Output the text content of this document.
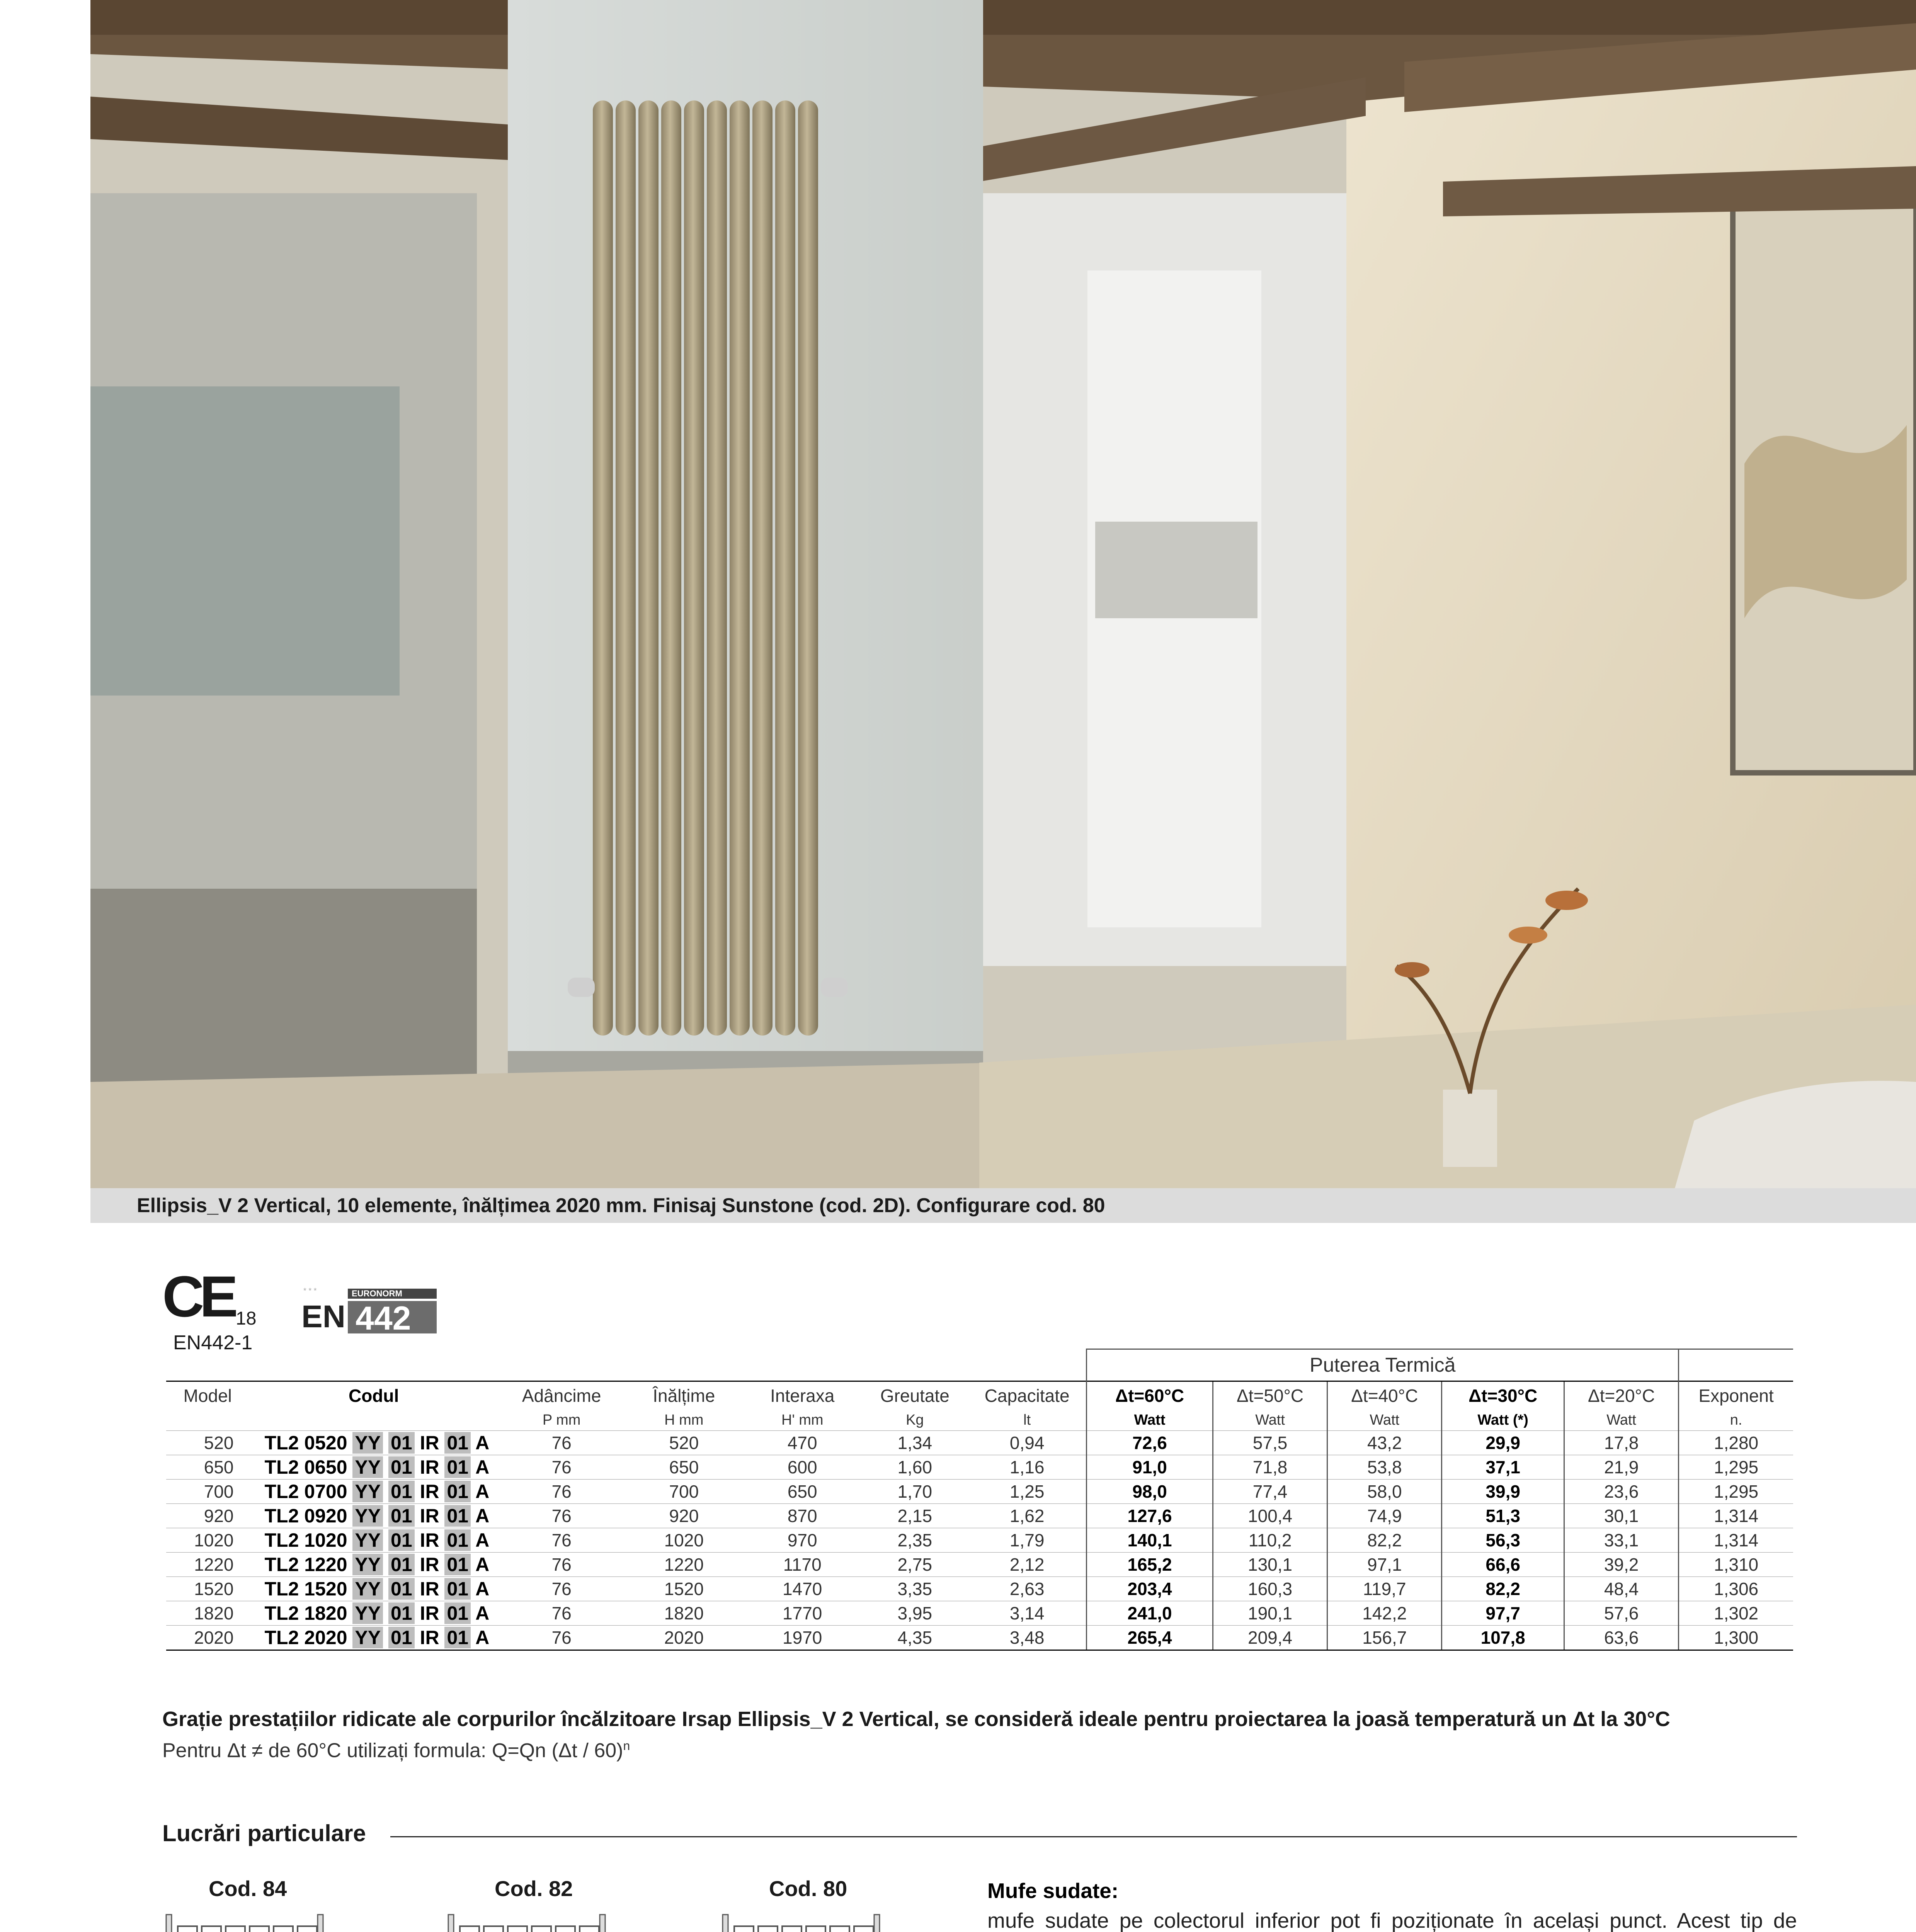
Ellipsis_V 2 Vertical, 10 elemente, înălțimea 2020 mm. Finisaj Sunstone (cod. 2D). Configurare cod. 80
CE 18
EN442-1
* * *	EURONORM
EN 442
							Puterea Termică					
Model	Codul	Adâncime	Înălțime	Interaxa	Greutate	Capacitate	Δt=60°C	Δt=50°C	Δt=40°C	Δt=30°C	Δt=20°C	Exponent
		P mm	H mm	H' mm	Kg	lt	Watt	Watt	Watt	Watt (*)	Watt	n.
520	TL2 0520 YY 01 IR 01 A	76	520	470	1,34	0,94	72,6	57,5	43,2	29,9	17,8	1,280
650	TL2 0650 YY 01 IR 01 A	76	650	600	1,60	1,16	91,0	71,8	53,8	37,1	21,9	1,295
700	TL2 0700 YY 01 IR 01 A	76	700	650	1,70	1,25	98,0	77,4	58,0	39,9	23,6	1,295
920	TL2 0920 YY 01 IR 01 A	76	920	870	2,15	1,62	127,6	100,4	74,9	51,3	30,1	1,314
1020	TL2 1020 YY 01 IR 01 A	76	1020	970	2,35	1,79	140,1	110,2	82,2	56,3	33,1	1,314
1220	TL2 1220 YY 01 IR 01 A	76	1220	1170	2,75	2,12	165,2	130,1	97,1	66,6	39,2	1,310
1520	TL2 1520 YY 01 IR 01 A	76	1520	1470	3,35	2,63	203,4	160,3	119,7	82,2	48,4	1,306
1820	TL2 1820 YY 01 IR 01 A	76	1820	1770	3,95	3,14	241,0	190,1	142,2	97,7	57,6	1,302
2020	TL2 2020 YY 01 IR 01 A	76	2020	1970	4,35	3,48	265,4	209,4	156,7	107,8	63,6	1,300
Grație prestațiilor ridicate ale corpurilor încălzitoare Irsap Ellipsis_V 2 Vertical, se consideră ideale pentru proiectarea la joasă temperatură un Δt la 30°C
Pentru Δt ≠ de 60°C utilizați formula: Q=Qn (Δt / 60)$^n$
Lucrări particulare
Cod. 84	Cod. 82	Cod. 80	Mufe sudate:

mufe sudate pe colectorul inferior pot fi poziționate în același punct. Acest tip de
